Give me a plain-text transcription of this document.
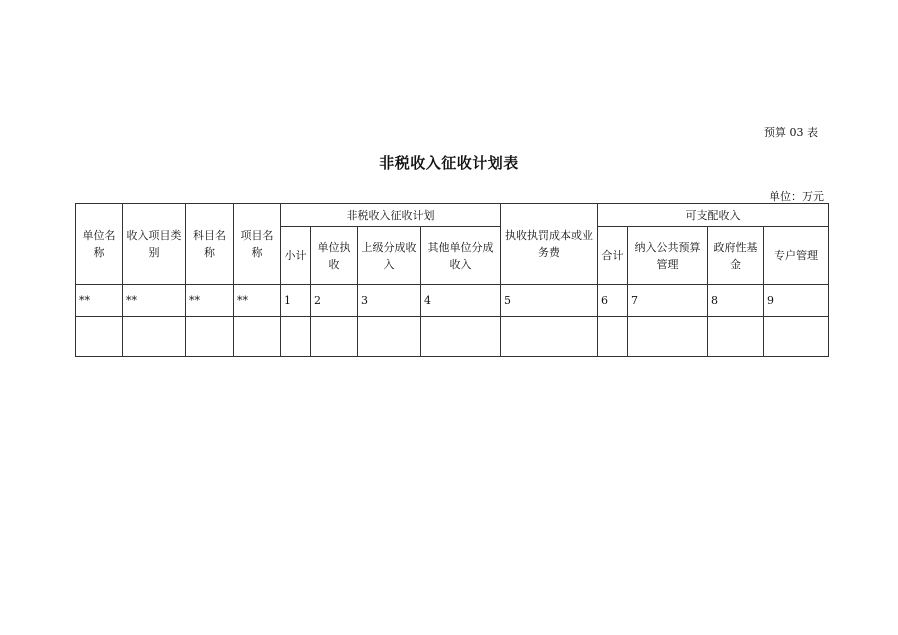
预算 03 表
非税收入征收计划表
单位：万元
单位名称	收入项目类别	科目名称	项目名称	非税收入征收计划				执收执罚成本或业务费	可支配收入			
				小计	单位执收	上级分成收入	其他单位分成收入		合计	纳入公共预算管理	政府性基金	专户管理
**	**	**	**	1	2	3	4	5	6	7	8	9
